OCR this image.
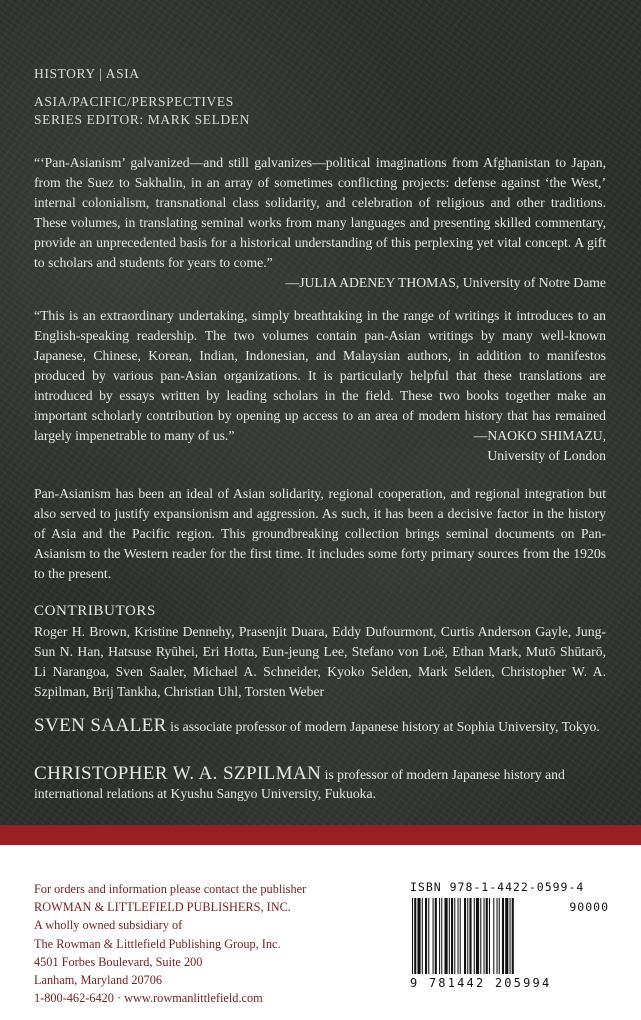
HISTORY | ASIA
ASIA/PACIFIC/PERSPECTIVES
SERIES EDITOR: MARK SELDEN
“‘Pan-Asianism’ galvanized—and still galvanizes—political imaginations from Afghanistan to Japan, from the Suez to Sakhalin, in an array of sometimes conflicting projects: defense against ‘the West,’ internal colonialism, transnational class solidarity, and celebration of religious and other traditions. These volumes, in translating seminal works from many languages and presenting skilled commentary, provide an unprecedented basis for a historical understanding of this perplexing yet vital concept. A gift to scholars and students for years to come.”
—JULIA ADENEY THOMAS, University of Notre Dame
“This is an extraordinary undertaking, simply breathtaking in the range of writings it introduces to an English-speaking readership. The two volumes contain pan-Asian writings by many well-known Japanese, Chinese, Korean, Indian, Indonesian, and Malaysian authors, in addition to manifestos produced by various pan-Asian organizations. It is particularly helpful that these translations are introduced by essays written by leading scholars in the field. These two books together make an important scholarly contribution by opening up access to an area of modern history that has remained largely impenetrable to many of us.”	—NAOKO SHIMAZU,
University of London
Pan-Asianism has been an ideal of Asian solidarity, regional cooperation, and regional integration but also served to justify expansionism and aggression. As such, it has been a decisive factor in the history of Asia and the Pacific region. This groundbreaking collection brings seminal documents on Pan-Asianism to the Western reader for the first time. It includes some forty primary sources from the 1920s to the present.
CONTRIBUTORS
Roger H. Brown, Kristine Dennehy, Prasenjit Duara, Eddy Dufourmont, Curtis Anderson Gayle, Jung-Sun N. Han, Hatsuse Ryūhei, Eri Hotta, Eun-jeung Lee, Stefano von Loë, Ethan Mark, Mutō Shūtarō, Li Narangoa, Sven Saaler, Michael A. Schneider, Kyoko Selden, Mark Selden, Christopher W. A. Szpilman, Brij Tankha, Christian Uhl, Torsten Weber
SVEN SAALER is associate professor of modern Japanese history at Sophia University, Tokyo.
CHRISTOPHER W. A. SZPILMAN is professor of modern Japanese history and international relations at Kyushu Sangyo University, Fukuoka.
For orders and information please contact the publisher
ROWMAN & LITTLEFIELD PUBLISHERS, INC.
A wholly owned subsidiary of
The Rowman & Littlefield Publishing Group, Inc.
4501 Forbes Boulevard, Suite 200
Lanham, Maryland 20706
1-800-462-6420 · www.rowmanlittlefield.com
ISBN 978-1-4422-0599-4
90000
9 781442 205994
